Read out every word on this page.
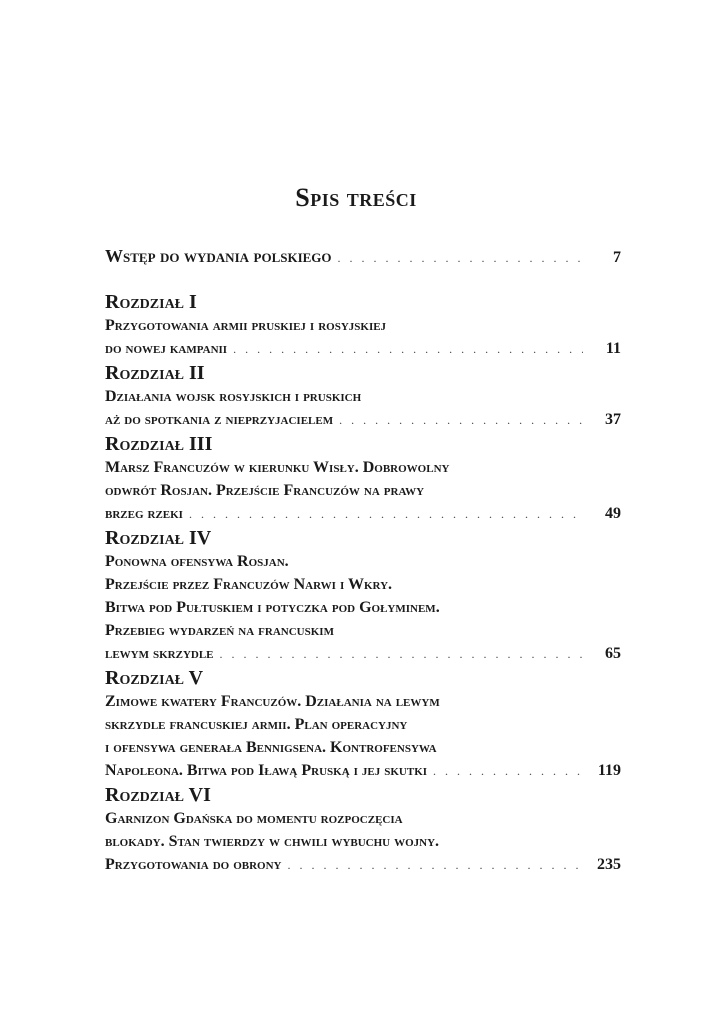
Spis treści
Wstęp do wydania polskiego . . .	7
Rozdział I
Przygotowania armii pruskiej i rosyjskiej
do nowej kampanii . . .	11
Rozdział II
Działania wojsk rosyjskich i pruskich
aż do spotkania z nieprzyjacielem . . .	37
Rozdział III
Marsz Francuzów w kierunku Wisły. Dobrowolny
odwrót Rosjan. Przejście Francuzów na prawy
brzeg rzeki . . .	49
Rozdział IV
Ponowna ofensywa Rosjan.
Przejście przez Francuzów Narwi i Wkry.
Bitwa pod Pułtuskiem i potyczka pod Gołyminem.
Przebieg wydarzeń na francuskim
lewym skrzydle . . .	65
Rozdział V
Zimowe kwatery Francuzów. Działania na lewym
skrzydle francuskiej armii. Plan operacyjny
i ofensywa generała Bennigsena. Kontrofensywa
Napoleona. Bitwa pod Iławą Pruską i jej skutki . . .	119
Rozdział VI
Garnizon Gdańska do momentu rozpoczęcia
blokady. Stan twierdzy w chwili wybuchu wojny.
Przygotowania do obrony . . .	235
